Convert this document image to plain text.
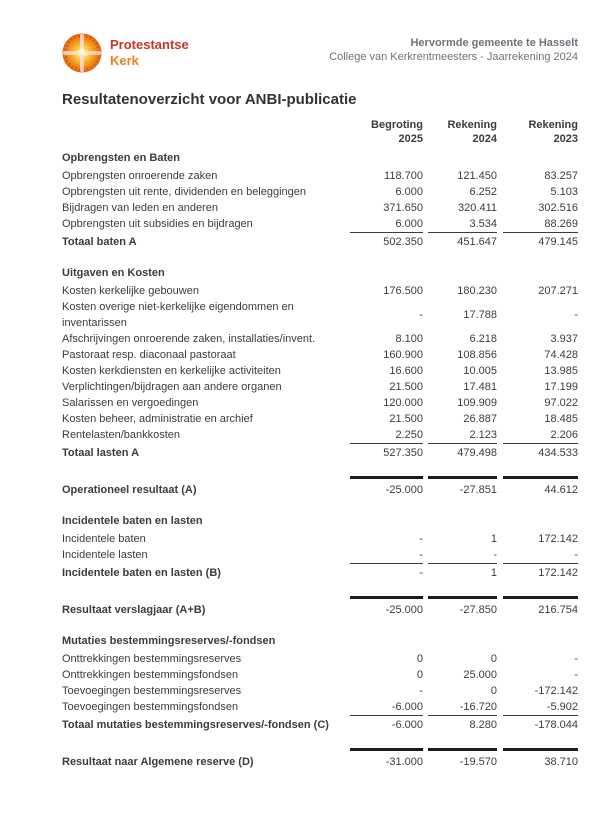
Protestantse
Kerk
Hervormde gemeente te Hasselt
College van Kerkrentmeesters - Jaarrekening 2024
Resultatenoverzicht voor ANBI-publicatie
Begroting
2025
Rekening
2024
Rekening
2023
Opbrengsten en Baten
Opbrengsten onroerende zaken	118.700	121.450	83.257
Opbrengsten uit rente, dividenden en beleggingen	6.000	6.252	5.103
Bijdragen van leden en anderen	371.650	320.411	302.516
Opbrengsten uit subsidies en bijdragen	6.000	3.534	88.269
Totaal baten A	502.350	451.647	479.145
Uitgaven en Kosten
Kosten kerkelijke gebouwen	176.500	180.230	207.271
Kosten overige niet-kerkelijke eigendommen en inventarissen
-	17.788	-
Afschrijvingen onroerende zaken, installaties/invent.	8.100	6.218	3.937
Pastoraat resp. diaconaal pastoraat	160.900	108.856	74.428
Kosten kerkdiensten en kerkelijke activiteiten	16.600	10.005	13.985
Verplichtingen/bijdragen aan andere organen	21.500	17.481	17.199
Salarissen en vergoedingen	120.000	109.909	97.022
Kosten beheer, administratie en archief	21.500	26.887	18.485
Rentelasten/bankkosten	2.250	2.123	2.206
Totaal lasten A	527.350	479.498	434.533
Operationeel resultaat (A)	-25.000	-27.851	44.612
Incidentele baten en lasten
Incidentele baten	-	1	172.142
Incidentele lasten	-	-	-
Incidentele baten en lasten (B)	-	1	172.142
Resultaat verslagjaar (A+B)	-25.000	-27.850	216.754
Mutaties bestemmingsreserves/-fondsen
Onttrekkingen bestemmingsreserves	0	0	-
Onttrekkingen bestemmingsfondsen	0	25.000	-
Toevoegingen bestemmingsreserves	-	0	-172.142
Toevoegingen bestemmingsfondsen	-6.000	-16.720	-5.902
Totaal mutaties bestemmingsreserves/-fondsen (C)	-6.000	8.280	-178.044
Resultaat naar Algemene reserve (D)	-31.000	-19.570	38.710
